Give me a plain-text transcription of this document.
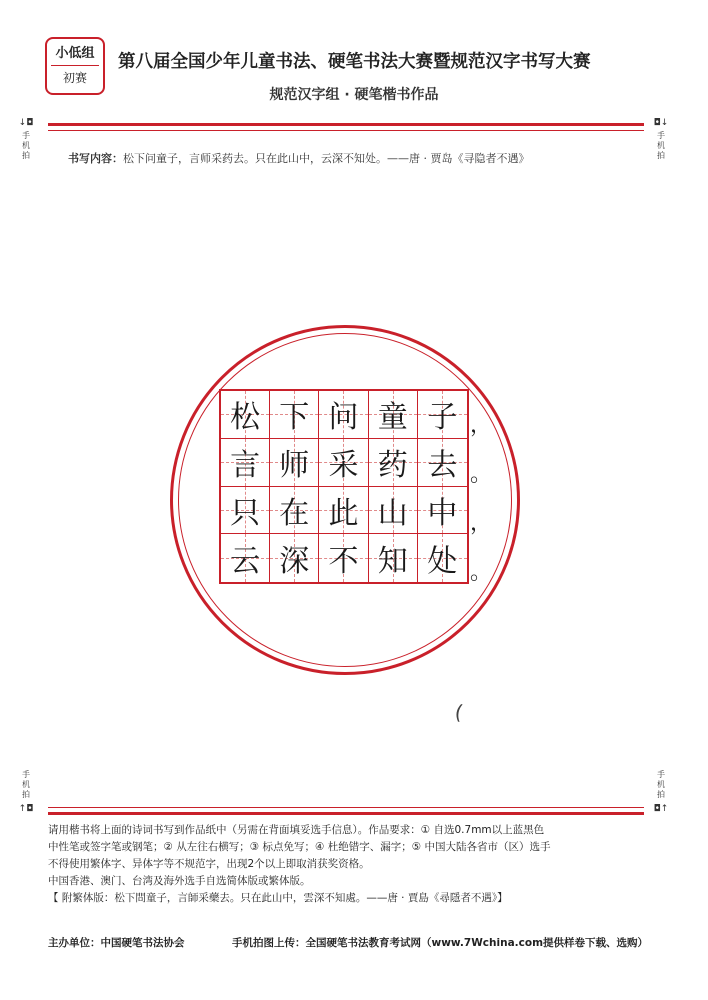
小低组
初赛
第八届全国少年儿童书法、硬笔书法大赛暨规范汉字书写大赛
规范汉字组 · 硬笔楷书作品
↓◘
手
机
拍
◘↓
手
机
拍
书写内容：松下问童子，言师采药去。只在此山中，云深不知处。——唐 · 贾岛《寻隐者不遇》
松 下 问 童 子
言 师 采 药 去
只 在 此 山 中
云 深 不 知 处
，
。
，
。
(
手
机
拍
↑◘
手
机
拍
◘↑

请用楷书将上面的诗词书写到作品纸中（另需在背面填妥选手信息）。作品要求：① 自选0.7mm以上蓝黑色

中性笔或签字笔或钢笔；② 从左往右横写；③ 标点免写；④ 杜绝错字、漏字；⑤ 中国大陆各省市（区）选手

不得使用繁体字、异体字等不规范字，出现2个以上即取消获奖资格。

中国香港、澳门、台湾及海外选手自选简体版或繁体版。

【 附繁体版：松下問童子，言師采藥去。只在此山中，雲深不知處。——唐 · 賈島《尋隱者不遇》】

主办单位：中国硬笔书法协会	手机拍图上传：全国硬笔书法教育考试网（www.7Wchina.com提供样卷下载、选购）
